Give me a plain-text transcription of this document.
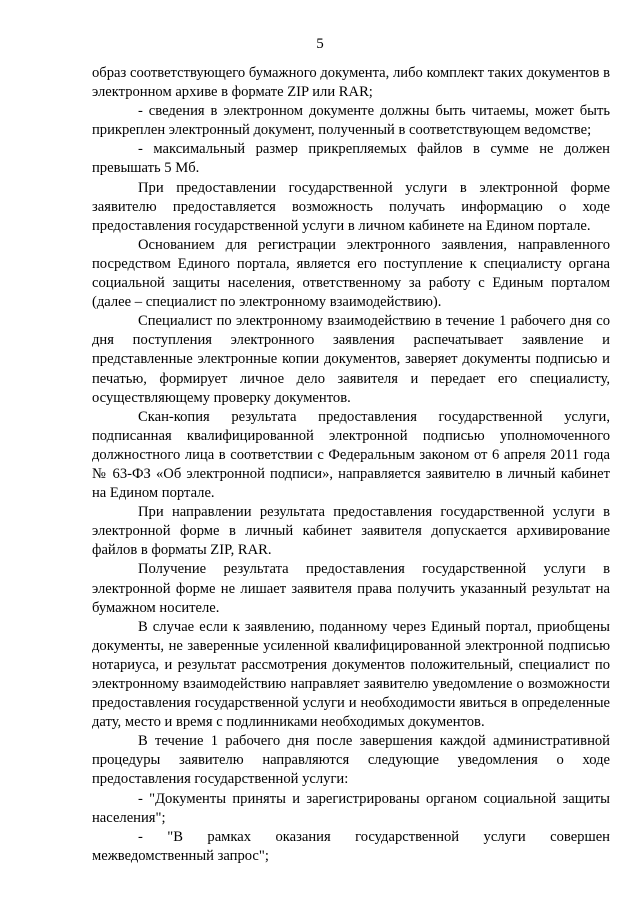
5

образ соответствующего бумажного документа, либо комплект таких документов в электронном архиве в формате ZIP или RAR;

- сведения в электронном документе должны быть читаемы, может быть прикреплен электронный документ, полученный в соответствующем ведомстве;

- максимальный размер прикрепляемых файлов в сумме не должен превышать 5 Мб.

При предоставлении государственной услуги в электронной форме заявителю предоставляется возможность получать информацию о ходе предоставления государственной услуги в личном кабинете на Едином портале.

Основанием для регистрации электронного заявления, направленного посредством Единого портала, является его поступление к специалисту органа социальной защиты населения, ответственному за работу с Единым порталом (далее – специалист по электронному взаимодействию).

Специалист по электронному взаимодействию в течение 1 рабочего дня со дня поступления электронного заявления распечатывает заявление и представленные электронные копии документов, заверяет документы подписью и печатью, формирует личное дело заявителя и передает его специалисту, осуществляющему проверку документов.

Скан-копия результата предоставления государственной услуги, подписанная квалифицированной электронной подписью уполномоченного должностного лица в соответствии с Федеральным законом от 6 апреля 2011 года № 63-ФЗ «Об электронной подписи», направляется заявителю в личный кабинет на Едином портале.

При направлении результата предоставления государственной услуги в электронной форме в личный кабинет заявителя допускается архивирование файлов в форматы ZIP, RAR.

Получение результата предоставления государственной услуги в электронной форме не лишает заявителя права получить указанный результат на бумажном носителе.

В случае если к заявлению, поданному через Единый портал, приобщены документы, не заверенные усиленной квалифицированной электронной подписью нотариуса, и результат рассмотрения документов положительный, специалист по электронному взаимодействию направляет заявителю уведомление о возможности предоставления государственной услуги и необходимости явиться в определенные дату, место и время с подлинниками необходимых документов.

В течение 1 рабочего дня после завершения каждой административной процедуры заявителю направляются следующие уведомления о ходе предоставления государственной услуги:

- "Документы приняты и зарегистрированы органом социальной защиты населения";

- "В рамках оказания государственной услуги совершен межведомственный запрос";
